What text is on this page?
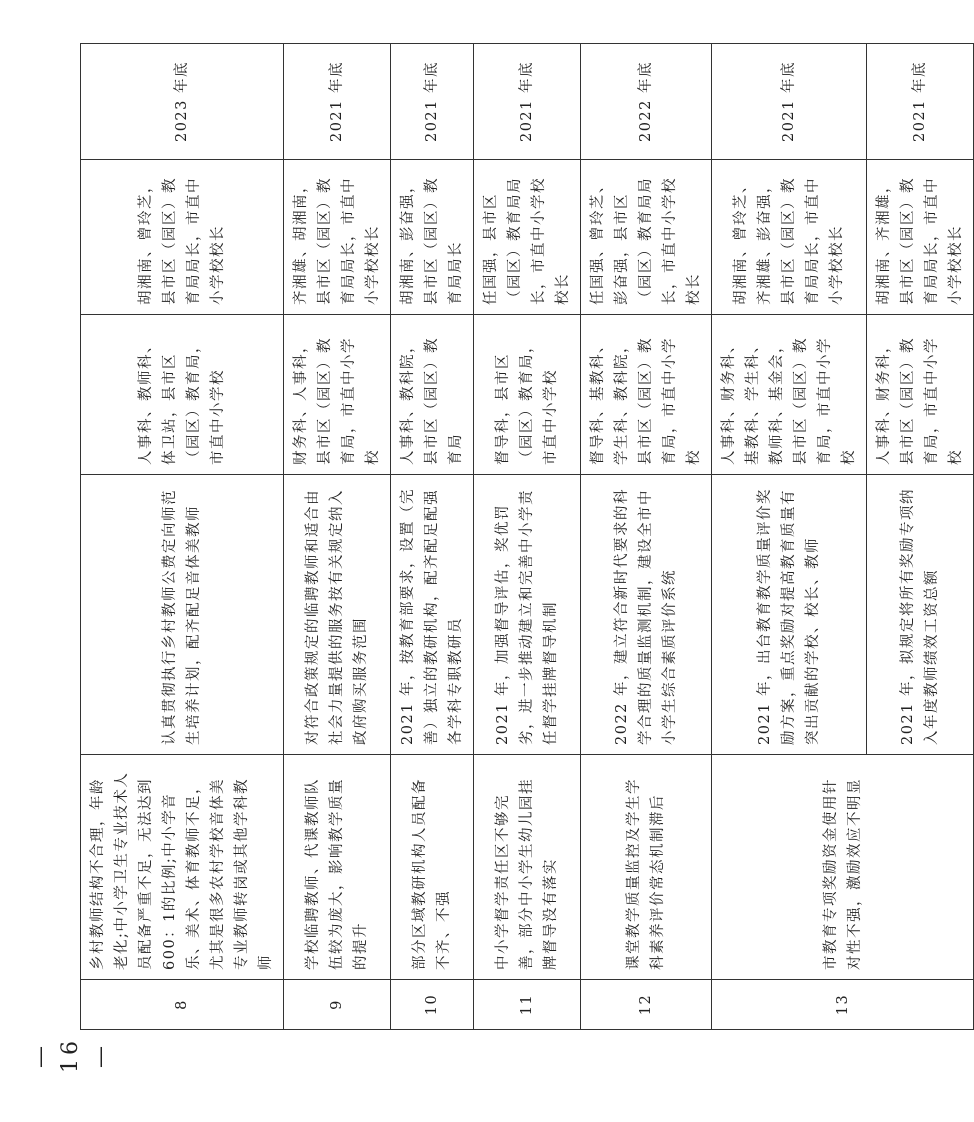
8	乡村教师结构不合理，年龄老化;中小学卫生专业技术人员配备严重不足，无法达到600：1的比例;中小学音乐、美术、体育教师不足，尤其是很多农村学校音体美专业教师转岗或其他学科教师	认真贯彻执行乡村教师公费定向师范生培养计划，配齐配足音体美教师	人事科、教师科、体卫站，县市区（园区）教育局，市直中小学校	胡湘南、曾玲芝，县市区（园区）教育局局长，市直中小学校校长	2023 年底
9	学校临聘教师、代课教师队伍较为庞大，影响教学质量的提升	对符合政策规定的临聘教师和适合由社会力量提供的服务按有关规定纳入政府购买服务范围	财务科、人事科，县市区（园区）教育局，市直中小学校	齐湘雄、胡湘南，县市区（园区）教育局局长，市直中小学校校长	2021 年底
10	部分区域教研机构人员配备不齐、不强	2021 年，按教育部要求，设置（完善）独立的教研机构，配齐配足配强各学科专职教研员	人事科、教科院，县市区（园区）教育局	胡湘南、彭奋强，县市区（园区）教育局局长	2021 年底
11	中小学督学责任区不够完善，部分中小学生幼儿园挂牌督导没有落实	2021 年，加强督导评估，奖优罚劣，进一步推动建立和完善中小学责任督学挂牌督导机制	督导科，县市区（园区）教育局，市直中小学校	任国强，县市区（园区）教育局局长，市直中小学校校长	2021 年底
12	课堂教学质量监控及学生学科素养评价常态机制滞后	2022 年，建立符合新时代要求的科学合理的质量监测机制，建设全市中小学生综合素质评价系统	督导科、基教科、学生科、教科院，县市区（园区）教育局，市直中小学校	任国强、曾玲芝、彭奋强，县市区（园区）教育局局长，市直中小学校校长	2022 年底
13	市教育专项奖励资金使用针对性不强，激励效应不明显	2021 年，出台教育教学质量评价奖励方案，重点奖励对提高教育质量有突出贡献的学校、校长、教师	人事科、财务科、基教科、学生科、教师科、基金会，县市区（园区）教育局，市直中小学校	胡湘南、曾玲芝、齐湘雄、彭奋强，县市区（园区）教育局局长，市直中小学校校长	2021 年底
		2021 年，拟规定将所有奖励专项纳入年度教师绩效工资总额	人事科、财务科，县市区（园区）教育局，市直中小学校	胡湘南、齐湘雄，县市区（园区）教育局局长，市直中小学校校长	2021 年底
— 16 —
